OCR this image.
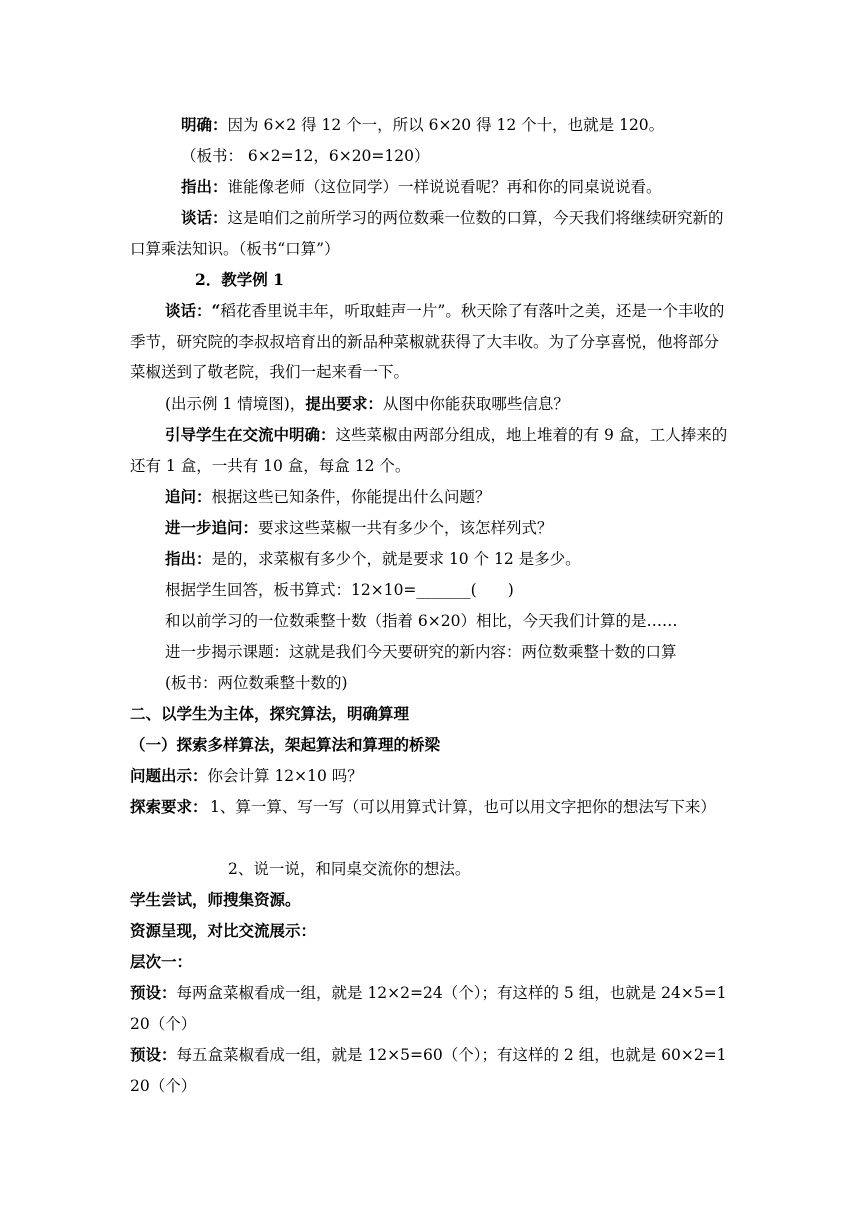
明确：因为 6×2 得 12 个一，所以 6×20 得 12 个十，也就是 120。
（板书： 6×2=12，6×20=120）
指出：谁能像老师（这位同学）一样说说看呢？再和你的同桌说说看。
谈话：这是咱们之前所学习的两位数乘一位数的口算，今天我们将继续研究新的口算乘法知识。（板书“口算”）
2．教学例 1
谈话：“稻花香里说丰年，听取蛙声一片”。秋天除了有落叶之美，还是一个丰收的季节，研究院的李叔叔培育出的新品种菜椒就获得了大丰收。为了分享喜悦，他将部分菜椒送到了敬老院，我们一起来看一下。
(出示例 1 情境图)，提出要求：从图中你能获取哪些信息？
引导学生在交流中明确：这些菜椒由两部分组成，地上堆着的有 9 盒，工人捧来的还有 1 盒，一共有 10 盒，每盒 12 个。
追问：根据这些已知条件，你能提出什么问题？
进一步追问：要求这些菜椒一共有多少个，该怎样列式？
指出：是的，求菜椒有多少个，就是要求 10 个 12 是多少。
根据学生回答，板书算式：12×10=_______(　　)
和以前学习的一位数乘整十数（指着 6×20）相比，今天我们计算的是……
进一步揭示课题：这就是我们今天要研究的新内容：两位数乘整十数的口算
(板书：两位数乘整十数的)
二、以学生为主体，探究算法，明确算理
（一）探索多样算法，架起算法和算理的桥梁
问题出示：你会计算 12×10 吗？
探索要求： 1、算一算、写一写（可以用算式计算，也可以用文字把你的想法写下来）
2、说一说，和同桌交流你的想法。
学生尝试，师搜集资源。
资源呈现，对比交流展示：
层次一：
预设：每两盒菜椒看成一组，就是 12×2=24（个）；有这样的 5 组，也就是 24×5=120（个）
预设：每五盒菜椒看成一组，就是 12×5=60（个）；有这样的 2 组，也就是 60×2=120（个）
